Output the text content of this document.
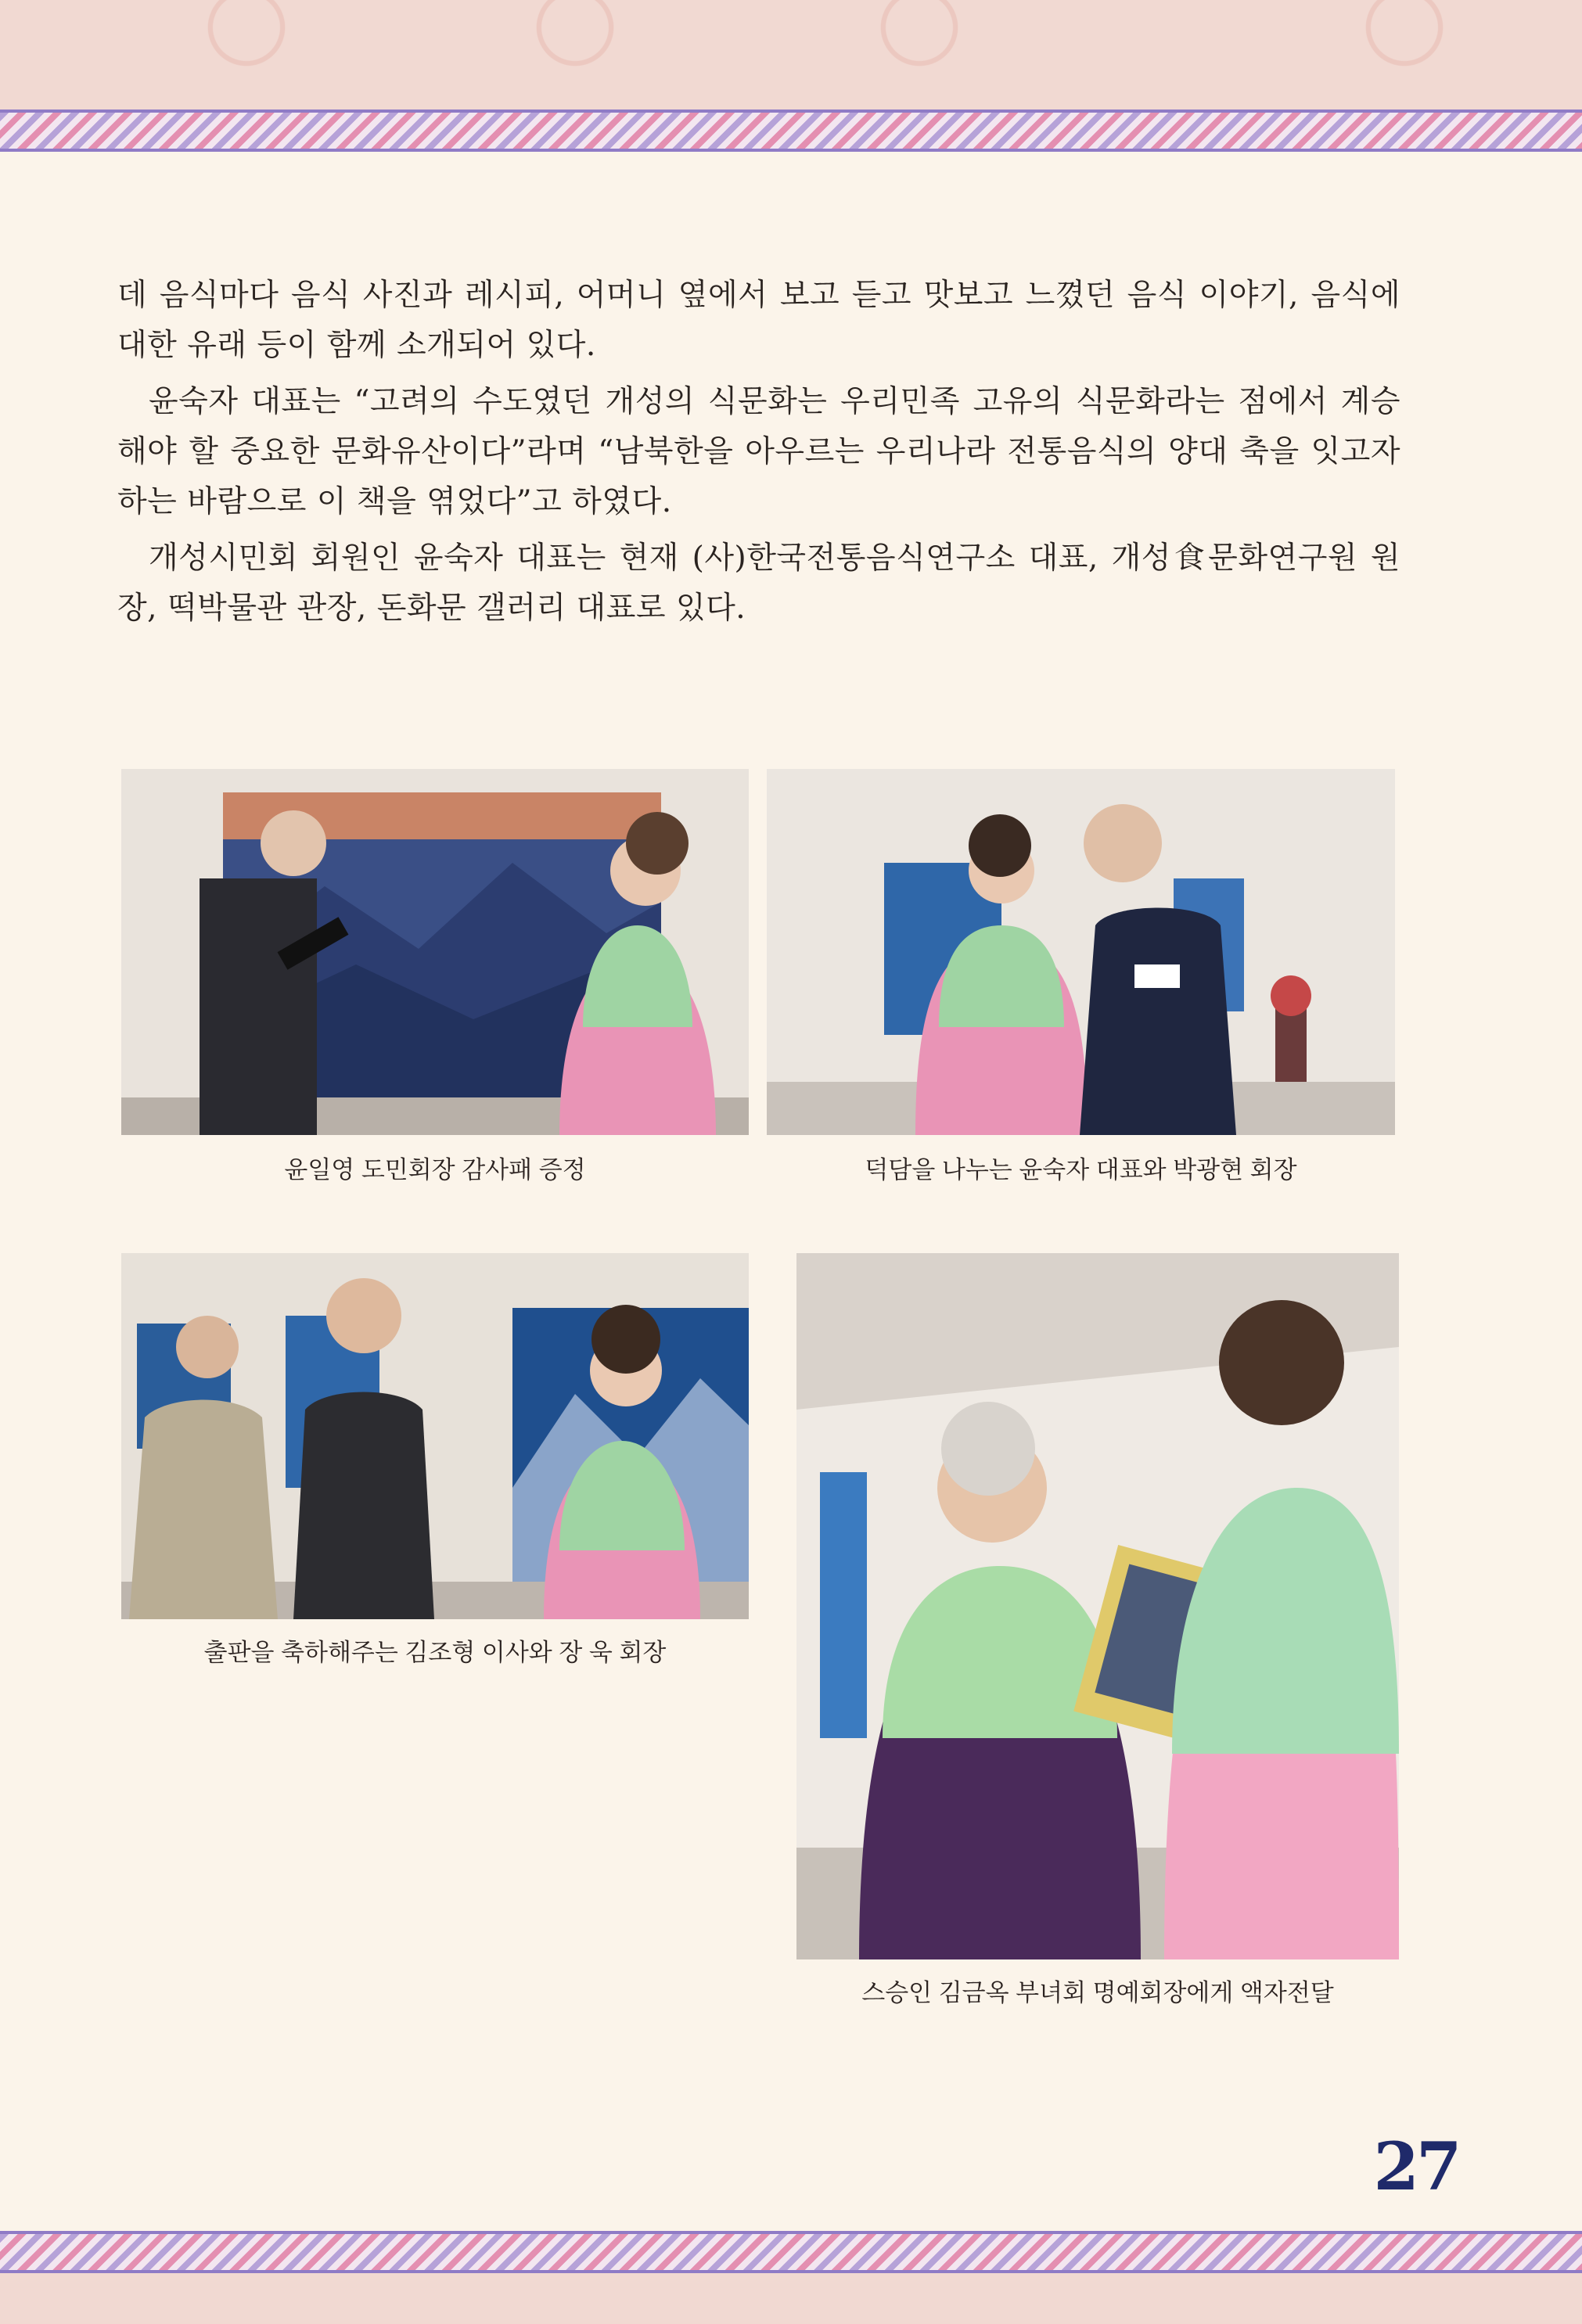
데 음식마다 음식 사진과 레시피, 어머니 옆에서 보고 듣고 맛보고 느꼈던 음식 이야기, 음식에 대한 유래 등이 함께 소개되어 있다.

윤숙자 대표는 “고려의 수도였던 개성의 식문화는 우리민족 고유의 식문화라는 점에서 계승해야 할 중요한 문화유산이다”라며 “남북한을 아우르는 우리나라 전통음식의 양대 축을 잇고자 하는 바람으로 이 책을 엮었다”고 하였다.

개성시민회 회원인 윤숙자 대표는 현재 (사)한국전통음식연구소 대표, 개성食문화연구원 원장, 떡박물관 관장, 돈화문 갤러리 대표로 있다.

윤일영 도민회장 감사패 증정	덕담을 나누는 윤숙자 대표와 박광현 회장
출판을 축하해주는 김조형 이사와 장 욱 회장
스승인 김금옥 부녀회 명예회장에게 액자전달
27
